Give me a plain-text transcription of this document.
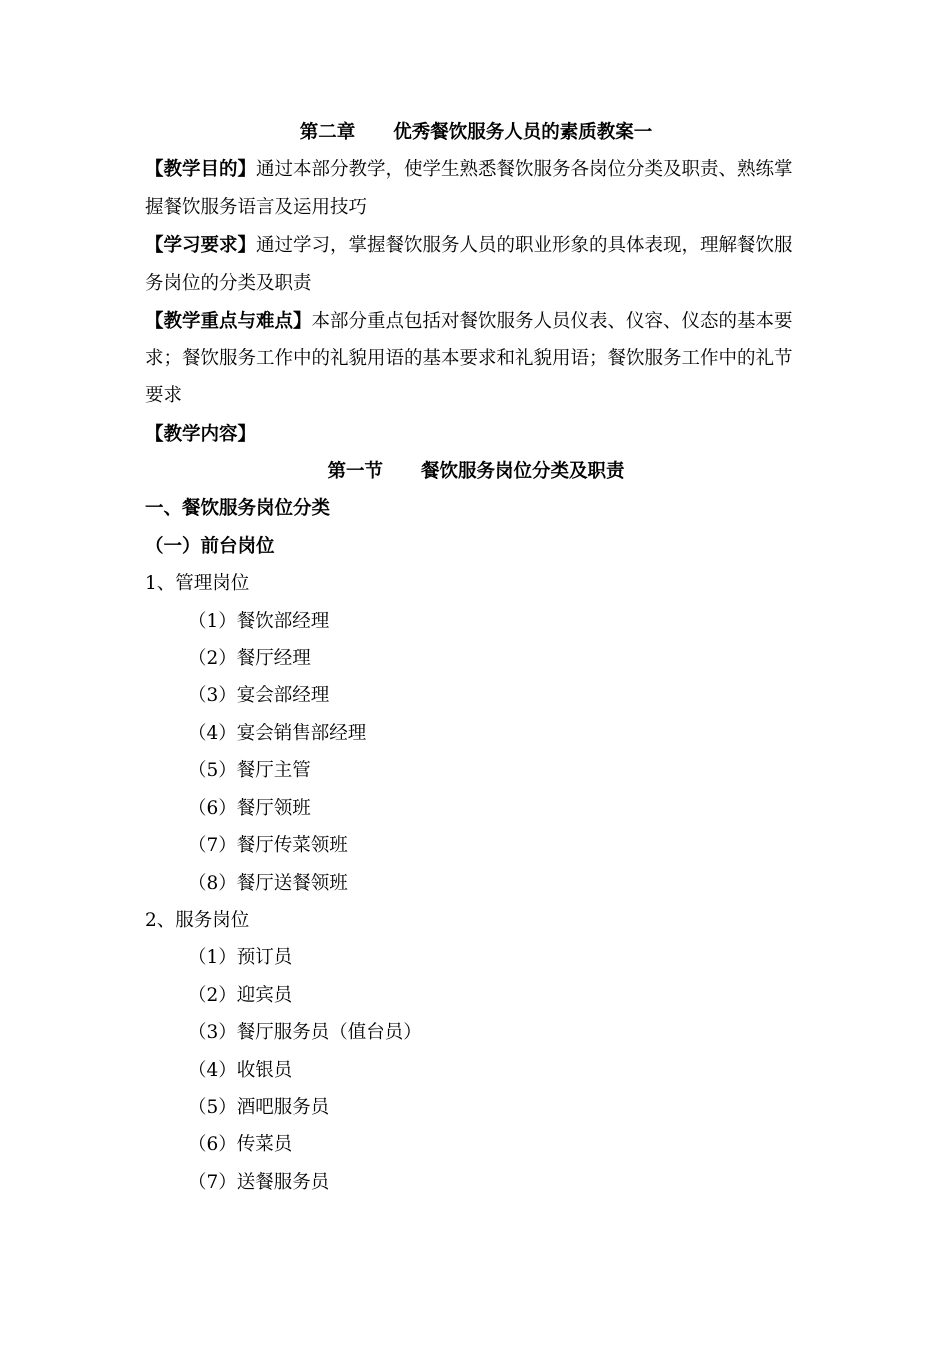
第二章 优秀餐饮服务人员的素质教案一
【教学目的】通过本部分教学，使学生熟悉餐饮服务各岗位分类及职责、熟练掌
握餐饮服务语言及运用技巧
【学习要求】通过学习，掌握餐饮服务人员的职业形象的具体表现，理解餐饮服
务岗位的分类及职责
【教学重点与难点】本部分重点包括对餐饮服务人员仪表、仪容、仪态的基本要
求；餐饮服务工作中的礼貌用语的基本要求和礼貌用语；餐饮服务工作中的礼节
要求
【教学内容】
第一节 餐饮服务岗位分类及职责
一、餐饮服务岗位分类
（一）前台岗位
1、管理岗位
（1）餐饮部经理
（2）餐厅经理
（3）宴会部经理
（4）宴会销售部经理
（5）餐厅主管
（6）餐厅领班
（7）餐厅传菜领班
（8）餐厅送餐领班
2、服务岗位
（1）预订员
（2）迎宾员
（3）餐厅服务员（值台员）
（4）收银员
（5）酒吧服务员
（6）传菜员
（7）送餐服务员
